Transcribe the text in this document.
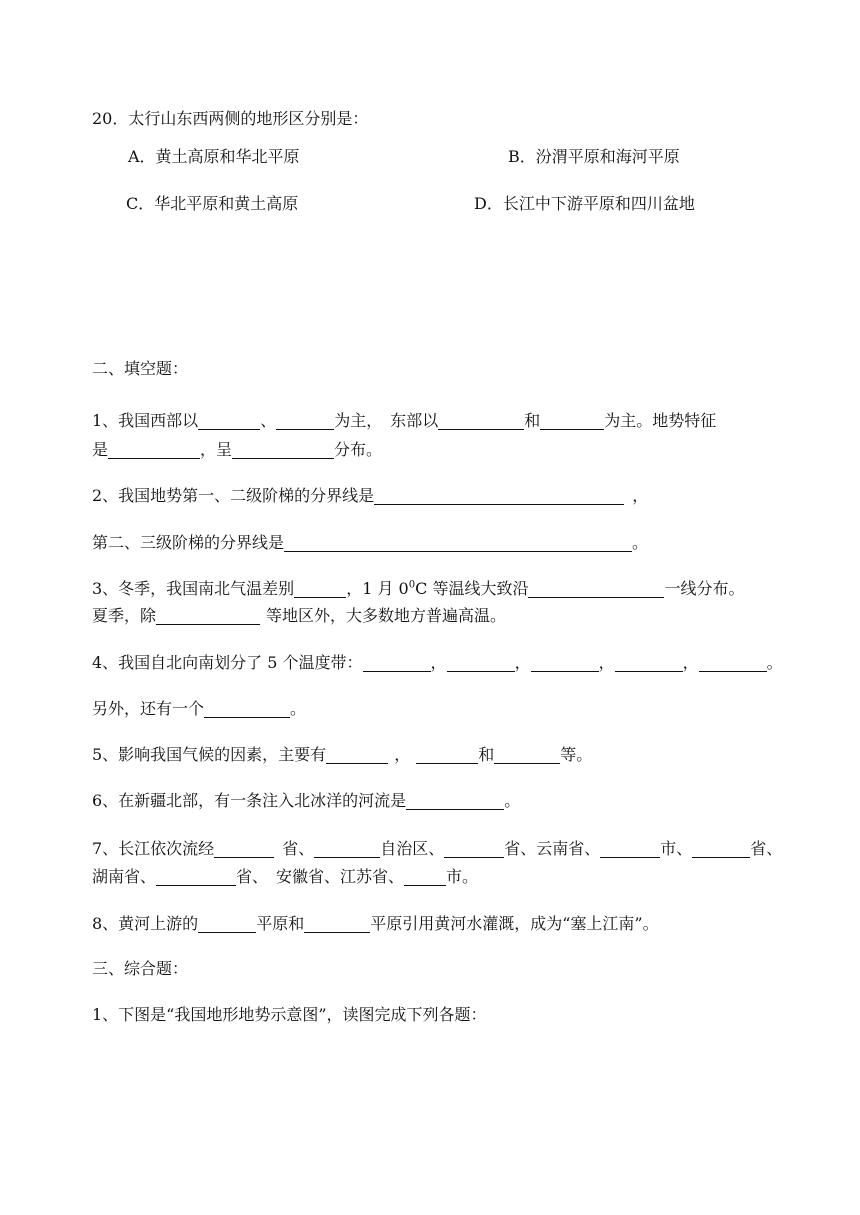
20．太行山东西两侧的地形区分别是：
A．黄土高原和华北平原	B．汾渭平原和海河平原
C．华北平原和黄土高原	D．长江中下游平原和四川盆地
二、填空题：
1、我国西部以	、	为主，　东部以	和	为主。地势特征
是	，呈	分布。
2、我国地势第一、二级阶梯的分界线是	，
第二、三级阶梯的分界线是	。
3、冬季，我国南北气温差别	，1 月 $0^0C$ 等温线大致沿	一线分布。
夏季，除	等地区外，大多数地方普遍高温。
4、我国自北向南划分了 5 个温度带：	，	，	，	，	。
另外，还有一个	。
5、影响我国气候的因素，主要有	，	和	等。
6、在新疆北部，有一条注入北冰洋的河流是	。
7、长江依次流经	省、	自治区、	省、云南省、	市、	省、
湖南省、	省、　安徽省、江苏省、	市。
8、黄河上游的	平原和	平原引用黄河水灌溉，成为“塞上江南”。
三、综合题：
1、下图是“我国地形地势示意图”，读图完成下列各题：
